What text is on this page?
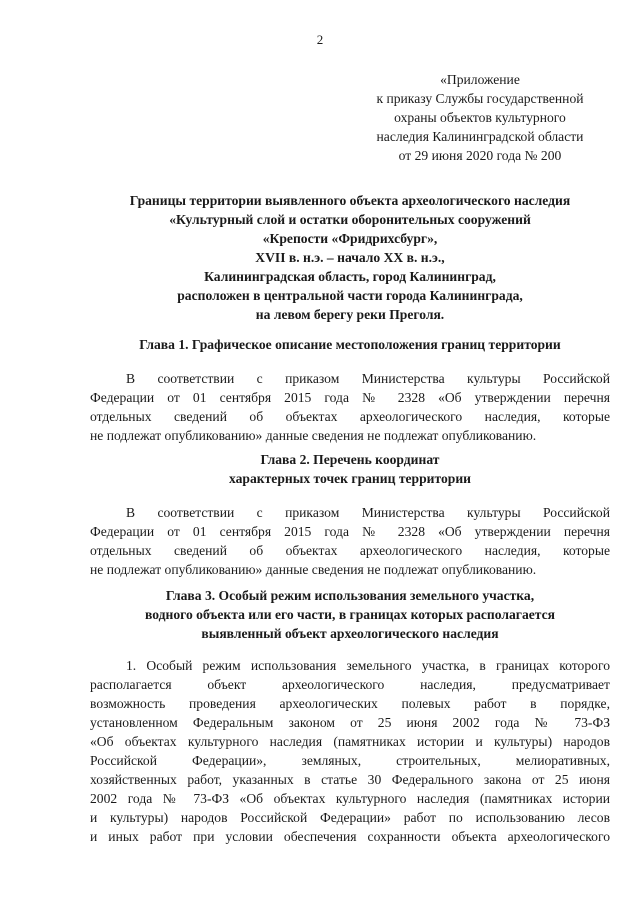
2
«Приложение
к приказу Службы государственной
охраны объектов культурного
наследия Калининградской области
от 29 июня 2020 года № 200
Границы территории выявленного объекта археологического наследия
«Культурный слой и остатки оборонительных сооружений
«Крепости «Фридрихсбург»,
XVII в. н.э. – начало XX в. н.э.,
Калининградская область, город Калининград,
расположен в центральной части города Калининграда,
на левом берегу реки Преголя.
Глава 1. Графическое описание местоположения границ территории
В соответствии с приказом Министерства культуры Российской
Федерации от 01 сентября 2015 года № 2328 «Об утверждении перечня
отдельных сведений об объектах археологического наследия, которые
не подлежат опубликованию» данные сведения не подлежат опубликованию.
Глава 2. Перечень координат
характерных точек границ территории
В соответствии с приказом Министерства культуры Российской
Федерации от 01 сентября 2015 года № 2328 «Об утверждении перечня
отдельных сведений об объектах археологического наследия, которые
не подлежат опубликованию» данные сведения не подлежат опубликованию.
Глава 3. Особый режим использования земельного участка,
водного объекта или его части, в границах которых располагается
выявленный объект археологического наследия
1. Особый режим использования земельного участка, в границах которого
располагается объект археологического наследия, предусматривает
возможность проведения археологических полевых работ в порядке,
установленном Федеральным законом от 25 июня 2002 года № 73-ФЗ
«Об объектах культурного наследия (памятниках истории и культуры) народов
Российской Федерации», земляных, строительных, мелиоративных,
хозяйственных работ, указанных в статье 30 Федерального закона от 25 июня
2002 года № 73-ФЗ «Об объектах культурного наследия (памятниках истории
и культуры) народов Российской Федерации» работ по использованию лесов
и иных работ при условии обеспечения сохранности объекта археологического
